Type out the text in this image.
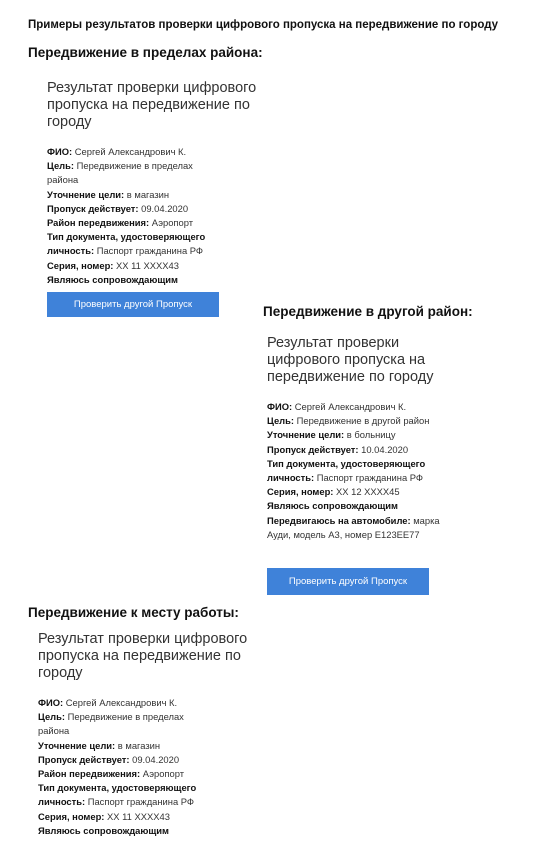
Примеры результатов проверки цифрового пропуска на передвижение по городу
Передвижение в пределах района:
Результат проверки цифрового пропуска на передвижение по городу
ФИО: Сергей Александрович К.
Цель: Передвижение в пределах района
Уточнение цели: в магазин
Пропуск действует: 09.04.2020
Район передвижения: Аэропорт
Тип документа, удостоверяющего личность: Паспорт гражданина РФ
Серия, номер: ХХ 11 ХХХХ43
Являюсь сопровождающим
Проверить другой Пропуск	Передвижение в другой район:
Результат проверки цифрового пропуска на передвижение по городу
ФИО: Сергей Александрович К.
Цель: Передвижение в другой район
Уточнение цели: в больницу
Пропуск действует: 10.04.2020
Тип документа, удостоверяющего личность: Паспорт гражданина РФ
Серия, номер: ХХ 12 ХХХХ45
Являюсь сопровождающим
Передвигаюсь на автомобиле: марка Ауди, модель А3, номер Е123ЕЕ77
Проверить другой Пропуск
Передвижение к месту работы:
Результат проверки цифрового пропуска на передвижение по городу
ФИО: Сергей Александрович К.
Цель: Передвижение в пределах района
Уточнение цели: в магазин
Пропуск действует: 09.04.2020
Район передвижения: Аэропорт
Тип документа, удостоверяющего личность: Паспорт гражданина РФ
Серия, номер: ХХ 11 ХХХХ43
Являюсь сопровождающим
